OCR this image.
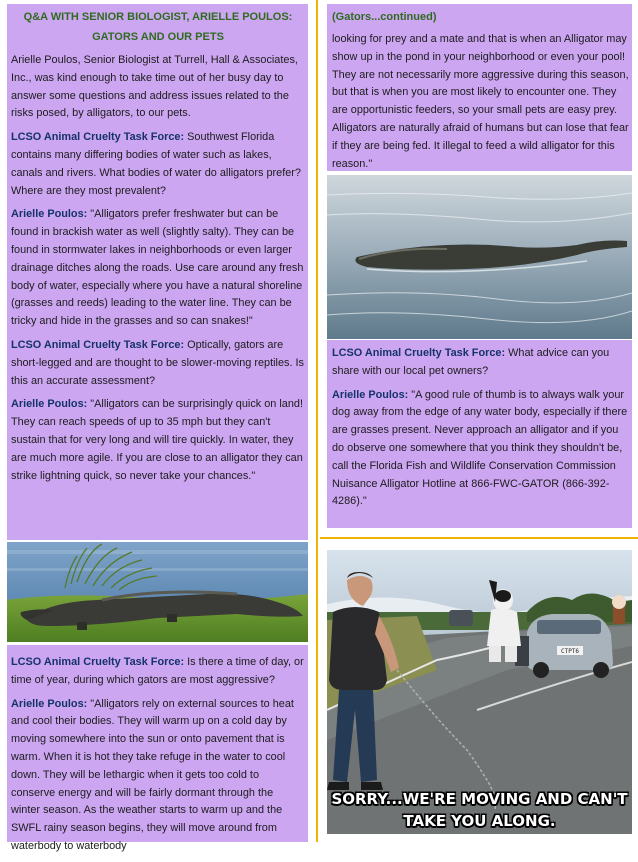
Q&A WITH SENIOR BIOLOGIST, ARIELLE POULOS:
GATORS AND OUR PETS

Arielle Poulos, Senior Biologist at Turrell, Hall & Associates, Inc., was kind enough to take time out of her busy day to answer some questions and address issues related to the risks posed, by alligators, to our pets.

LCSO Animal Cruelty Task Force: Southwest Florida contains many differing bodies of water such as lakes, canals and rivers. What bodies of water do alligators prefer? Where are they most prevalent?

Arielle Poulos: "Alligators prefer freshwater but can be found in brackish water as well (slightly salty). They can be found in stormwater lakes in neighborhoods or even larger drainage ditches along the roads. Use care around any fresh body of water, especially where you have a natural shoreline (grasses and reeds) leading to the water line. They can be tricky and hide in the grasses and so can snakes!"

LCSO Animal Cruelty Task Force: Optically, gators are short-legged and are thought to be slower-moving reptiles. Is this an accurate assessment?

Arielle Poulos: "Alligators can be surprisingly quick on land! They can reach speeds of up to 35 mph but they can't sustain that for very long and will tire quickly. In water, they are much more agile. If you are close to an alligator they can strike lightning quick, so never take your chances."

LCSO Animal Cruelty Task Force: Is there a time of day, or time of year, during which gators are most aggressive?

Arielle Poulos: "Alligators rely on external sources to heat and cool their bodies. They will warm up on a cold day by moving somewhere into the sun or onto pavement that is warm. When it is hot they take refuge in the water to cool down. They will be lethargic when it gets too cold to conserve energy and will be fairly dormant through the winter season. As the weather starts to warm up and the SWFL rainy season begins, they will move around from waterbody to waterbody

(Gators...continued)

looking for prey and a mate and that is when an Alligator may show up in the pond in your neighborhood or even your pool! They are not necessarily more aggressive during this season, but that is when you are most likely to encounter one. They are opportunistic feeders, so your small pets are easy prey. Alligators are naturally afraid of humans but can lose that fear if they are being fed. It illegal to feed a wild alligator for this reason."

LCSO Animal Cruelty Task Force: What advice can you share with our local pet owners?

Arielle Poulos: "A good rule of thumb is to always walk your dog away from the edge of any water body, especially if there are grasses present. Never approach an alligator and if you do observe one somewhere that you think they shouldn't be, call the Florida Fish and Wildlife Conservation Commission Nuisance Alligator Hotline at 866-FWC-GATOR (866-392-4286)."

CTPT6
SORRY...WE'RE MOVING AND CAN'T
TAKE YOU ALONG.
